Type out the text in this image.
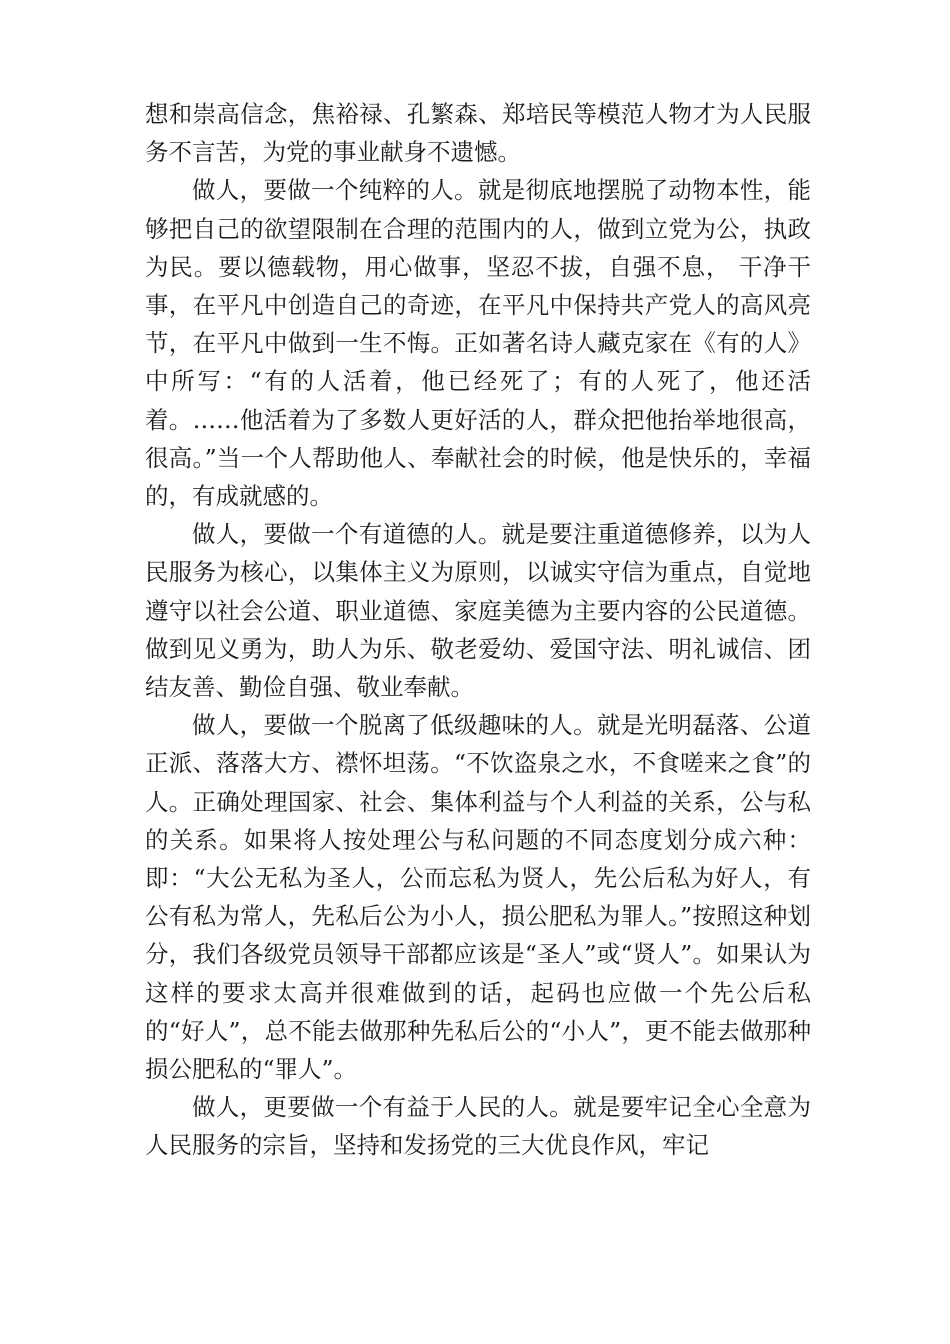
想和崇高信念，焦裕禄、孔繁森、郑培民等模范人物才为人民服务不言苦，为党的事业献身不遗憾。

做人，要做一个纯粹的人。就是彻底地摆脱了动物本性，能够把自己的欲望限制在合理的范围内的人，做到立党为公，执政为民。要以德载物，用心做事，坚忍不拔，自强不息， 干净干事，在平凡中创造自己的奇迹，在平凡中保持共产党人的高风亮节，在平凡中做到一生不悔。正如著名诗人藏克家在《有的人》中所写：“有的人活着，他已经死了；有的人死了，他还活着。……他活着为了多数人更好活的人，群众把他抬举地很高，很高。”当一个人帮助他人、奉献社会的时候，他是快乐的，幸福的，有成就感的。

做人，要做一个有道德的人。就是要注重道德修养，以为人民服务为核心，以集体主义为原则，以诚实守信为重点，自觉地遵守以社会公道、职业道德、家庭美德为主要内容的公民道德。做到见义勇为，助人为乐、敬老爱幼、爱国守法、明礼诚信、团结友善、勤俭自强、敬业奉献。

做人，要做一个脱离了低级趣味的人。就是光明磊落、公道正派、落落大方、襟怀坦荡。“不饮盗泉之水，不食嗟来之食”的人。正确处理国家、社会、集体利益与个人利益的关系，公与私的关系。如果将人按处理公与私问题的不同态度划分成六种：即：“大公无私为圣人，公而忘私为贤人，先公后私为好人，有公有私为常人，先私后公为小人，损公肥私为罪人。”按照这种划分，我们各级党员领导干部都应该是“圣人”或“贤人”。如果认为这样的要求太高并很难做到的话，起码也应做一个先公后私的“好人”，总不能去做那种先私后公的“小人”，更不能去做那种损公肥私的“罪人”。

做人，更要做一个有益于人民的人。就是要牢记全心全意为人民服务的宗旨，坚持和发扬党的三大优良作风，牢记
